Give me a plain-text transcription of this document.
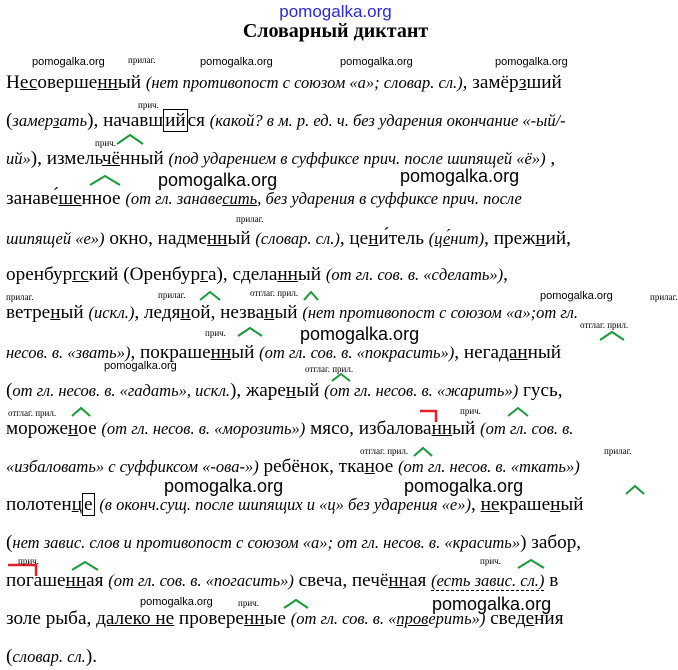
pomogalka.org
Словарный диктант
pomogalka.org	прилаг.	pomogalka.org	pomogalka.org	pomogalka.org
Несовершенный (нет противопост с союзом «а»; словар. сл.), замёрзший
прич.
(замерзать), начавш ий ся (какой? в м. р. ед. ч. без ударения окончание «-ый/-
прич.
ий»), измельчённый (под ударением в суффиксе прич. после шипящей «ё») ,
pomogalka.org	pomogalka.org
занаве́шенное (от гл. занавесить, без ударения в суффиксе прич. после
прилаг.
шипящей «е») окно, надменный (словар. сл.), цени́тель (це́нит), прежний,
оренбургский (Оренбурга), сделанный (от гл. сов. в. «сделать»),
прилаг.	прилаг.	отглаг. прил.	pomogalka.org	прилаг.
ветреный (искл.), ледяной, незваный (нет противопост с союзом «а»;от гл.
прич.	pomogalka.org	отглаг. прил.
несов. в. «звать»), покрашенный (от гл. сов. в. «покрасить»), негаданный
pomogalka.org	отглаг. прил.
(от гл. несов. в. «гадать», искл.), жареный (от гл. несов. в. «жарить») гусь,
отглаг. прил.	прич.
мороженое (от гл. несов. в. «морозить») мясо, избалованный (от гл. сов. в.
отглаг. прил.	прилаг.
«избаловать» с суффиксом «-ова-») ребёнок, тканое (от гл. несов. в. «ткать»)
pomogalka.org	pomogalka.org
полотенц е (в оконч.сущ. после шипящих и «ц» без ударения «е»), некрашеный
(нет завис. слов и противопост с союзом «а»; от гл. несов. в. «красить») забор,
прич.	прич.
погашенная (от гл. сов. в. «погасить») свеча, печённая (есть завис. сл.) в
pomogalka.org	прич.	pomogalka.org
золе рыба, далеко не проверенные (от гл. сов. в. «проверить») сведения
(словар. сл.).
